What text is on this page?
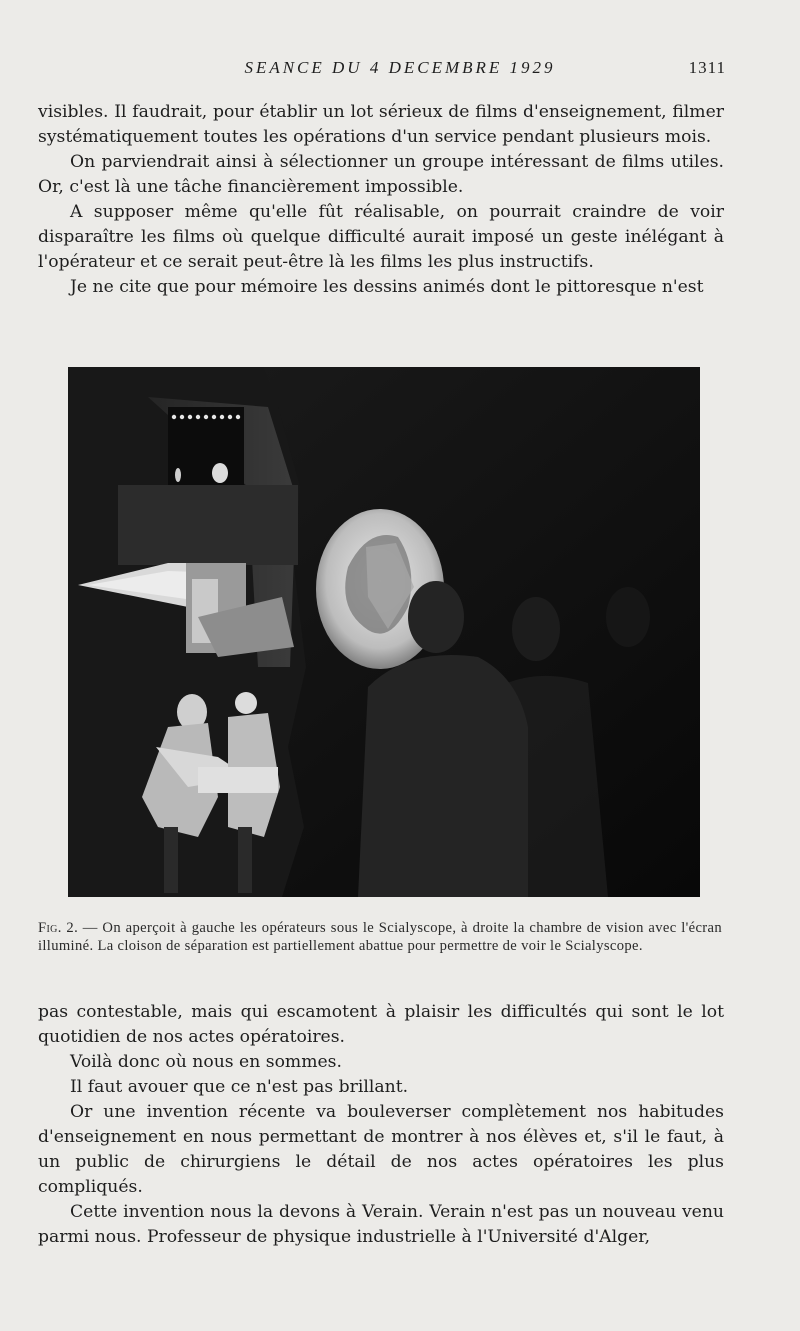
SEANCE DU 4 DECEMBRE 1929	1311

visibles. Il faudrait, pour établir un lot sérieux de films d'enseignement, filmer systématiquement toutes les opérations d'un service pendant plusieurs mois.

On parviendrait ainsi à sélectionner un groupe intéressant de films utiles. Or, c'est là une tâche financièrement impossible.

A supposer même qu'elle fût réalisable, on pourrait craindre de voir disparaître les films où quelque difficulté aurait imposé un geste inélégant à l'opérateur et ce serait peut-être là les films les plus instructifs.

Je ne cite que pour mémoire les dessins animés dont le pittoresque n'est

Fig. 2. — On aperçoit à gauche les opérateurs sous le Scialyscope, à droite la chambre de vision avec l'écran illuminé. La cloison de séparation est partiellement abattue pour permettre de voir le Scialyscope.

pas contestable, mais qui escamotent à plaisir les difficultés qui sont le lot quotidien de nos actes opératoires.

Voilà donc où nous en sommes.

Il faut avouer que ce n'est pas brillant.

Or une invention récente va bouleverser complètement nos habitudes d'enseignement en nous permettant de montrer à nos élèves et, s'il le faut, à un public de chirurgiens le détail de nos actes opératoires les plus compliqués.

Cette invention nous la devons à Verain. Verain n'est pas un nouveau venu parmi nous. Professeur de physique industrielle à l'Université d'Alger,
